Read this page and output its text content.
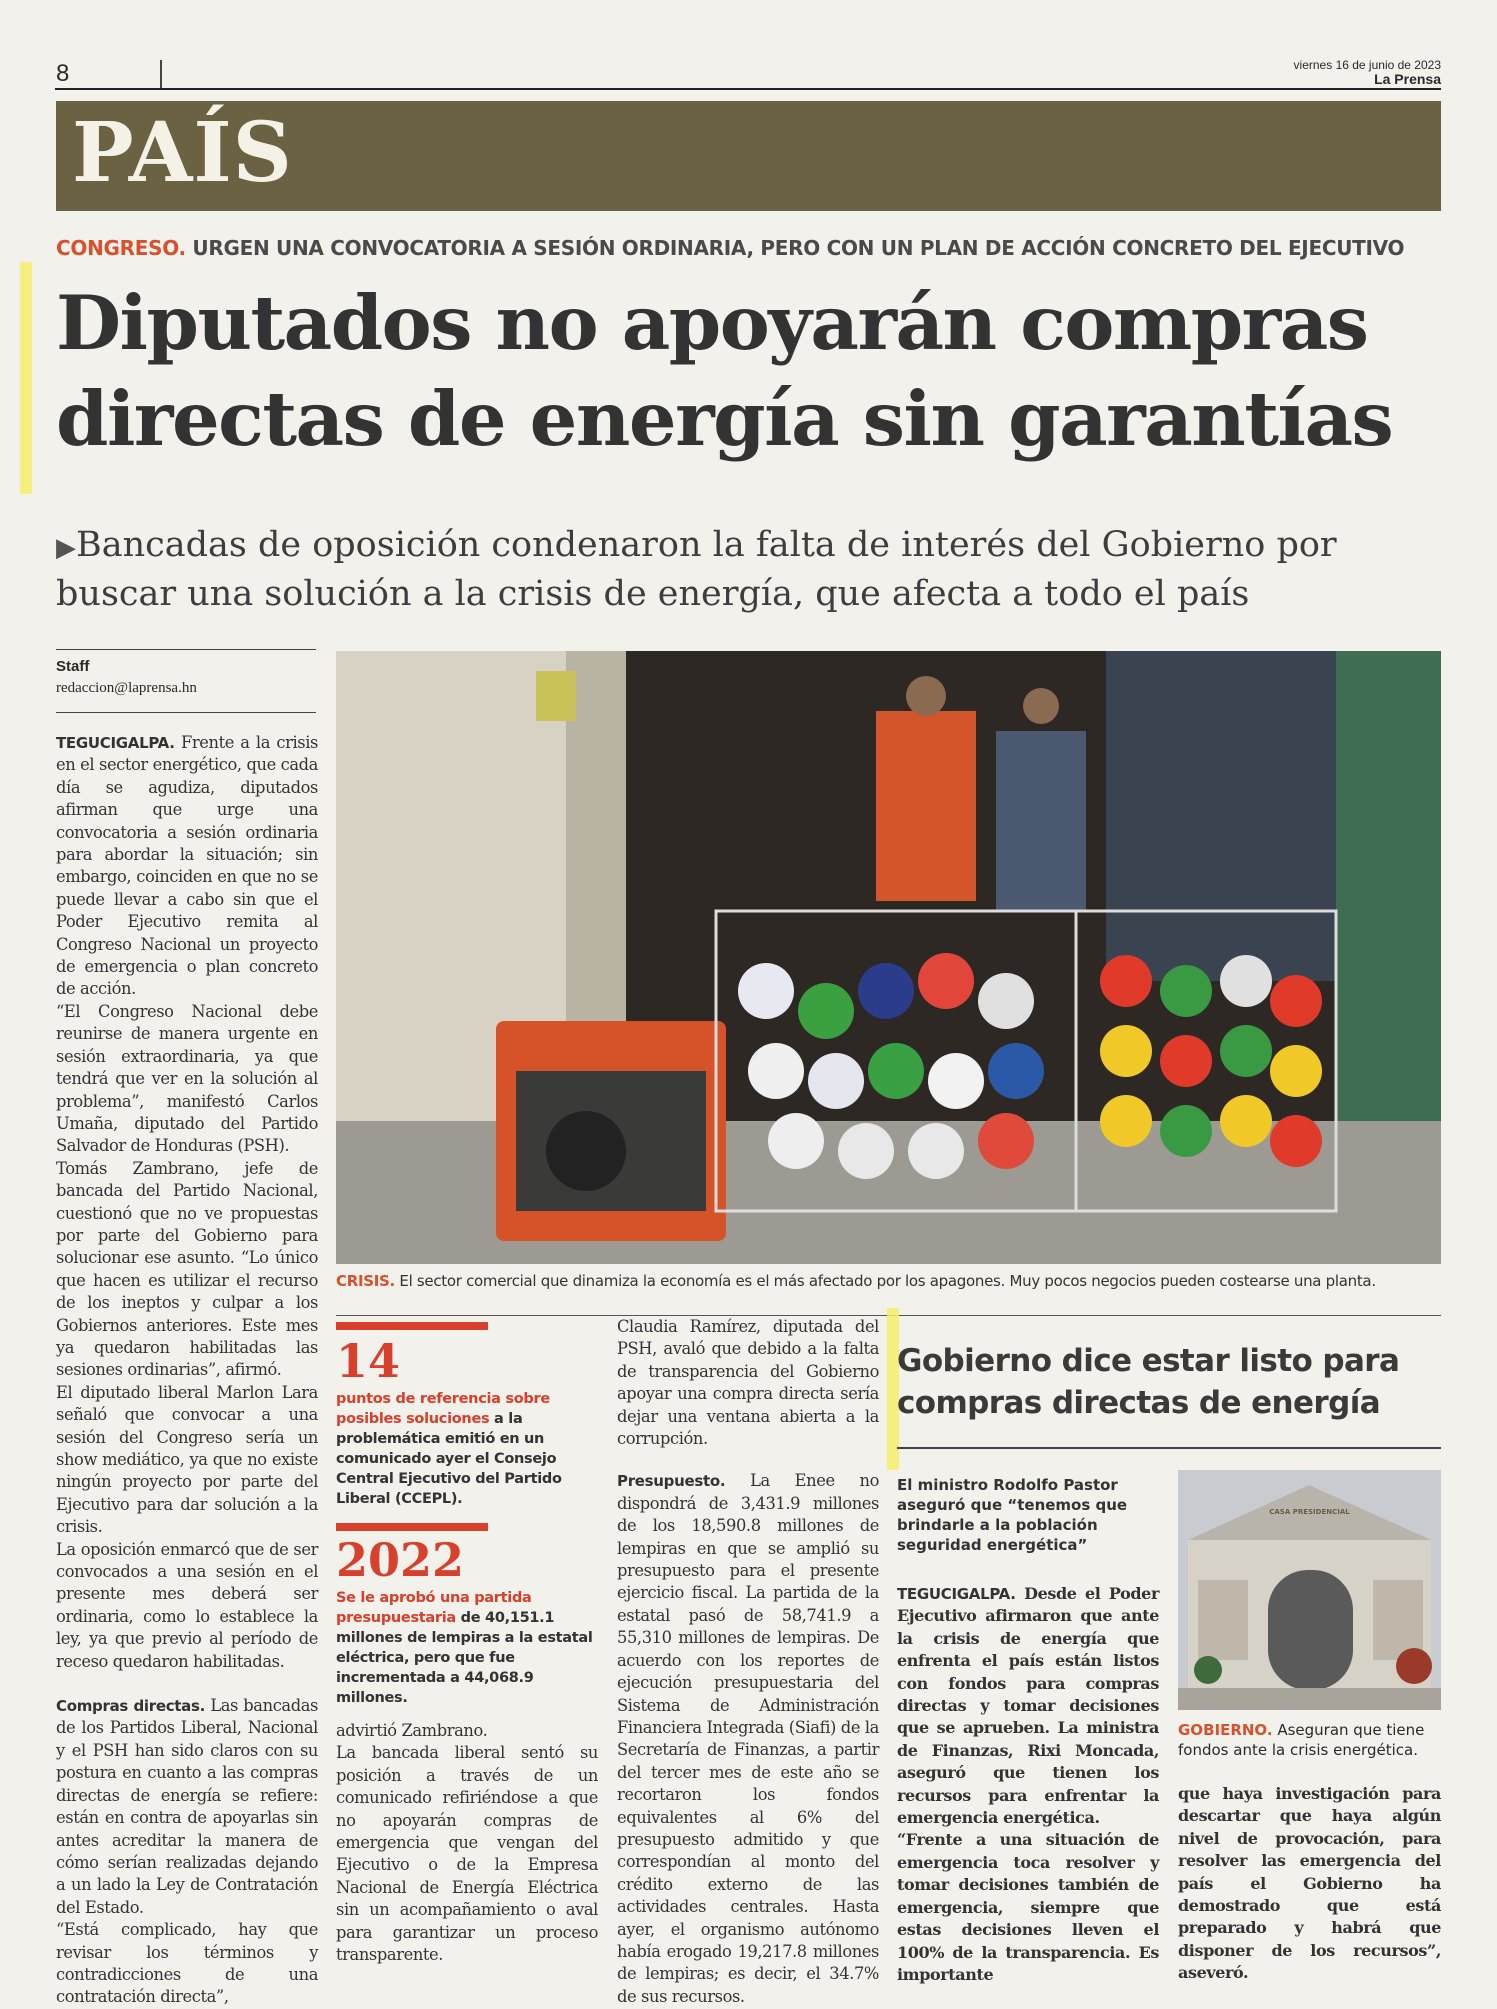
8	viernes 16 de junio de 2023
La Prensa
PAÍS
CONGRESO. URGEN UNA CONVOCATORIA A SESIÓN ORDINARIA, PERO CON UN PLAN DE ACCIÓN CONCRETO DEL EJECUTIVO
Diputados no apoyarán compras directas de energía sin garantías
▶Bancadas de oposición condenaron la falta de interés del Gobierno por buscar una solución a la crisis de energía, que afecta a todo el país
Staff
redaccion@laprensa.hn

TEGUCIGALPA. Frente a la crisis en el sector energético, que cada día se agudiza, diputados afirman que urge una convocatoria a sesión ordinaria para abordar la situación; sin embargo, coinciden en que no se puede llevar a cabo sin que el Poder Ejecutivo remita al Congreso Nacional un proyecto de emergencia o plan concreto de acción.

“El Congreso Nacional debe reunirse de manera urgente en sesión extraordinaria, ya que tendrá que ver en la solución al problema”, manifestó Carlos Umaña, diputado del Partido Salvador de Honduras (PSH).

Tomás Zambrano, jefe de bancada del Partido Nacional, cuestionó que no ve propuestas por parte del Gobierno para solucionar ese asunto. “Lo único que hacen es utilizar el recurso de los ineptos y culpar a los Gobiernos anteriores. Este mes ya quedaron habilitadas las sesiones ordinarias”, afirmó.

El diputado liberal Marlon Lara señaló que convocar a una sesión del Congreso sería un show mediático, ya que no existe ningún proyecto por parte del Ejecutivo para dar solución a la crisis.

La oposición enmarcó que de ser convocados a una sesión en el presente mes deberá ser ordinaria, como lo establece la ley, ya que previo al período de receso quedaron habilitadas.

Compras directas. Las bancadas de los Partidos Liberal, Nacional y el PSH han sido claros con su postura en cuanto a las compras directas de energía se refiere: están en contra de apoyarlas sin antes acreditar la manera de cómo serían realizadas dejando a un lado la Ley de Contratación del Estado.

“Está complicado, hay que revisar los términos y contradicciones de una contratación directa”,

CRISIS. El sector comercial que dinamiza la economía es el más afectado por los apagones. Muy pocos negocios pueden costearse una planta.
14
puntos de referencia sobre posibles soluciones a la problemática emitió en un comunicado ayer el Consejo Central Ejecutivo del Partido Liberal (CCEPL).
2022
Se le aprobó una partida presupuestaria de 40,151.1 millones de lempiras a la estatal eléctrica, pero que fue incrementada a 44,068.9 millones.

advirtió Zambrano.

La bancada liberal sentó su posición a través de un comunicado refiriéndose a que no apoyarán compras de emergencia que vengan del Ejecutivo o de la Empresa Nacional de Energía Eléctrica sin un acompañamiento o aval para garantizar un proceso transparente.

Claudia Ramírez, diputada del PSH, avaló que debido a la falta de transparencia del Gobierno apoyar una compra directa sería dejar una ventana abierta a la corrupción.

Presupuesto. La Enee no dispondrá de 3,431.9 millones de los 18,590.8 millones de lempiras en que se amplió su presupuesto para el presente ejercicio fiscal. La partida de la estatal pasó de 58,741.9 a 55,310 millones de lempiras. De acuerdo con los reportes de ejecución presupuestaria del Sistema de Administración Financiera Integrada (Siafi) de la Secretaría de Finanzas, a partir del tercer mes de este año se recortaron los fondos equivalentes al 6% del presupuesto admitido y que correspondían al monto del crédito externo de las actividades centrales. Hasta ayer, el organismo autónomo había erogado 19,217.8 millones de lempiras; es decir, el 34.7% de sus recursos.

Gobierno dice estar listo para compras directas de energía
El ministro Rodolfo Pastor aseguró que “tenemos que brindarle a la población seguridad energética”

TEGUCIGALPA. Desde el Poder Ejecutivo afirmaron que ante la crisis de energía que enfrenta el país están listos con fondos para compras directas y tomar decisiones que se aprueben. La ministra de Finanzas, Rixi Moncada, aseguró que tienen los recursos para enfrentar la emergencia energética.

“Frente a una situación de emergencia toca resolver y tomar decisiones también de emergencia, siempre que estas decisiones lleven el 100% de la transparencia. Es importante

CASA PRESIDENCIAL
GOBIERNO. Aseguran que tiene fondos ante la crisis energética.

que haya investigación para descartar que haya algún nivel de provocación, para resolver las emergencia del país el Gobierno ha demostrado que está preparado y habrá que disponer de los recursos”, aseveró.
